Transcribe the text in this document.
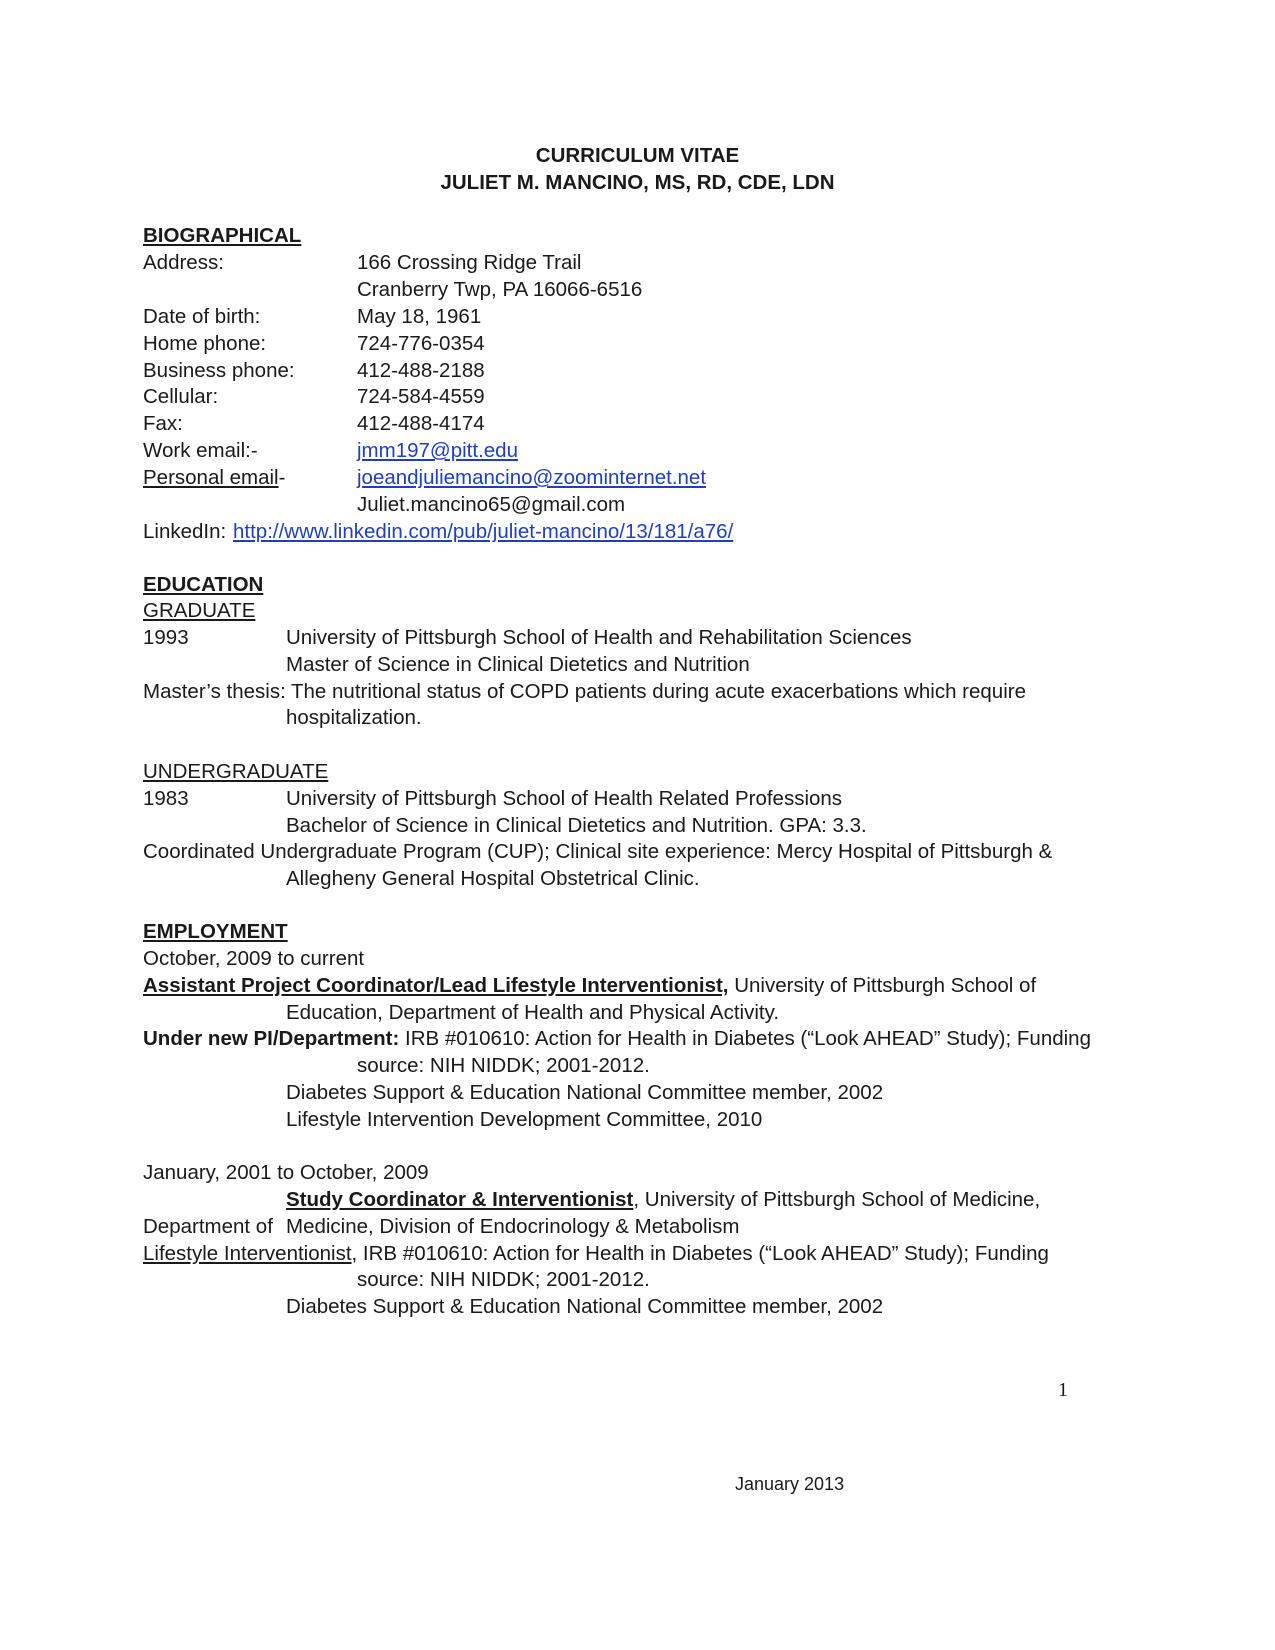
CURRICULUM VITAE
JULIET M. MANCINO, MS, RD, CDE, LDN
BIOGRAPHICAL
Address:	166 Crossing Ridge Trail
Cranberry Twp, PA 16066-6516
Date of birth:	May 18, 1961
Home phone:	724-776-0354
Business phone:	412-488-2188
Cellular:	724-584-4559
Fax:	412-488-4174
Work email:-	jmm197@pitt.edu
Personal email-	joeandjuliemancino@zoominternet.net
Juliet.mancino65@gmail.com
LinkedIn: http://www.linkedin.com/pub/juliet-mancino/13/181/a76/
EDUCATION
GRADUATE
1993	University of Pittsburgh School of Health and Rehabilitation Sciences
Master of Science in Clinical Dietetics and Nutrition
Master’s thesis: The nutritional status of COPD patients during acute exacerbations which require
hospitalization.
UNDERGRADUATE
1983	University of Pittsburgh School of Health Related Professions
Bachelor of Science in Clinical Dietetics and Nutrition. GPA: 3.3.
Coordinated Undergraduate Program (CUP); Clinical site experience: Mercy Hospital of Pittsburgh &
Allegheny General Hospital Obstetrical Clinic.
EMPLOYMENT
October, 2009 to current
Assistant Project Coordinator/Lead Lifestyle Interventionist, University of Pittsburgh School of
Education, Department of Health and Physical Activity.
Under new PI/Department: IRB #010610: Action for Health in Diabetes (“Look AHEAD” Study); Funding
source: NIH NIDDK; 2001-2012.
Diabetes Support & Education National Committee member, 2002
Lifestyle Intervention Development Committee, 2010
January, 2001 to October, 2009
Study Coordinator & Interventionist, University of Pittsburgh School of Medicine,
Department of Medicine, Division of Endocrinology & Metabolism
Lifestyle Interventionist, IRB #010610: Action for Health in Diabetes (“Look AHEAD” Study); Funding
source: NIH NIDDK; 2001-2012.
Diabetes Support & Education National Committee member, 2002
1
January 2013
